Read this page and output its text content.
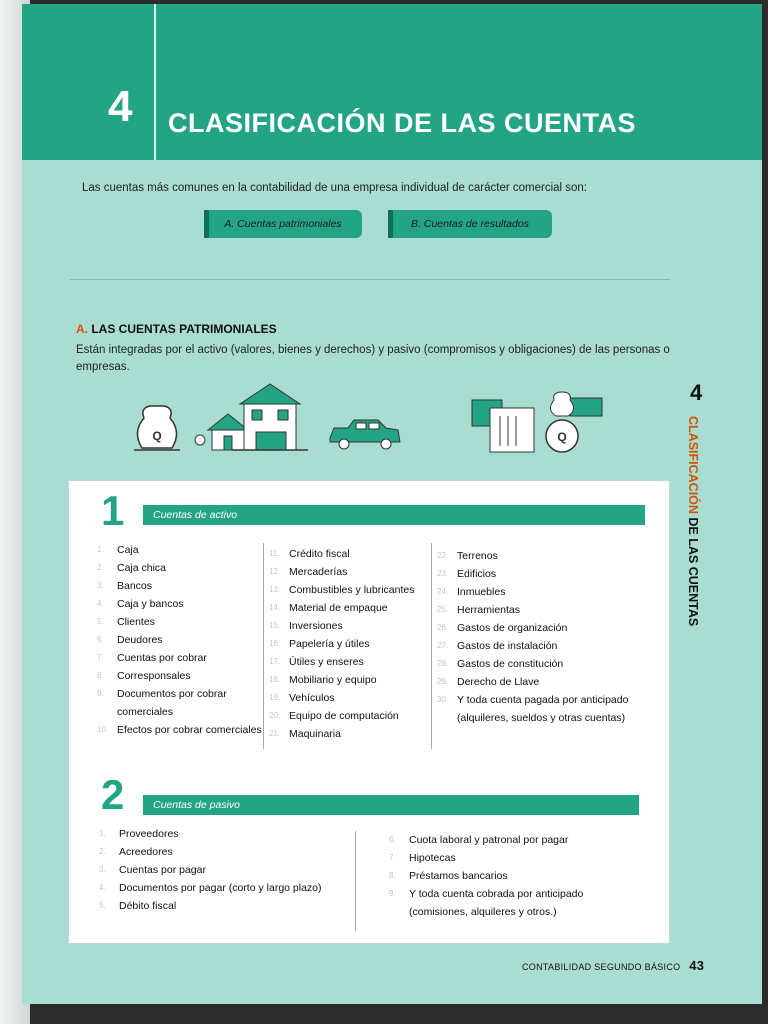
4 CLASIFICACIÓN DE LAS CUENTAS
Las cuentas más comunes en la contabilidad de una empresa individual de carácter comercial son:
A. Cuentas patrimoniales	B. Cuentas de resultados
A. LAS CUENTAS PATRIMONIALES
Están integradas por el activo (valores, bienes y derechos) y pasivo (compromisos y obligaciones) de las personas o empresas.
Q	Q
4
CLASIFICACIÓN DE LAS CUENTAS
1	Cuentas de activo
1.	Caja
2.	Caja chica
3.	Bancos
4.	Caja y bancos
5.	Clientes
6.	Deudores
7.	Cuentas por cobrar
8.	Corresponsales
9.	Documentos por cobrar comerciales
10. Efectos por cobrar comerciales
11. Crédito fiscal
12. Mercaderías
13. Combustibles y lubricantes
14. Material de empaque
15. Inversiones
16. Papelería y útiles
17. Útiles y enseres
18. Mobiliario y equipo
19. Vehículos
20. Equipo de computación
21. Maquinaria
22. Terrenos
23. Edificios
24. Inmuebles
25. Herramientas
26. Gastos de organización
27. Gastos de instalación
28. Gastos de constitución
29. Derecho de Llave
30. Y toda cuenta pagada por anticipado (alquileres, sueldos y otras cuentas)
2	Cuentas de pasivo
1.	Proveedores
2.	Acreedores
3.	Cuentas por pagar
4.	Documentos por pagar (corto y largo plazo)
5.	Débito fiscal
6.	Cuota laboral y patronal por pagar
7.	Hipotecas
8.	Préstamos bancarios
9.	Y toda cuenta cobrada por anticipado (comisiones, alquileres y otros.)
CONTABILIDAD SEGUNDO BÁSICO 43
